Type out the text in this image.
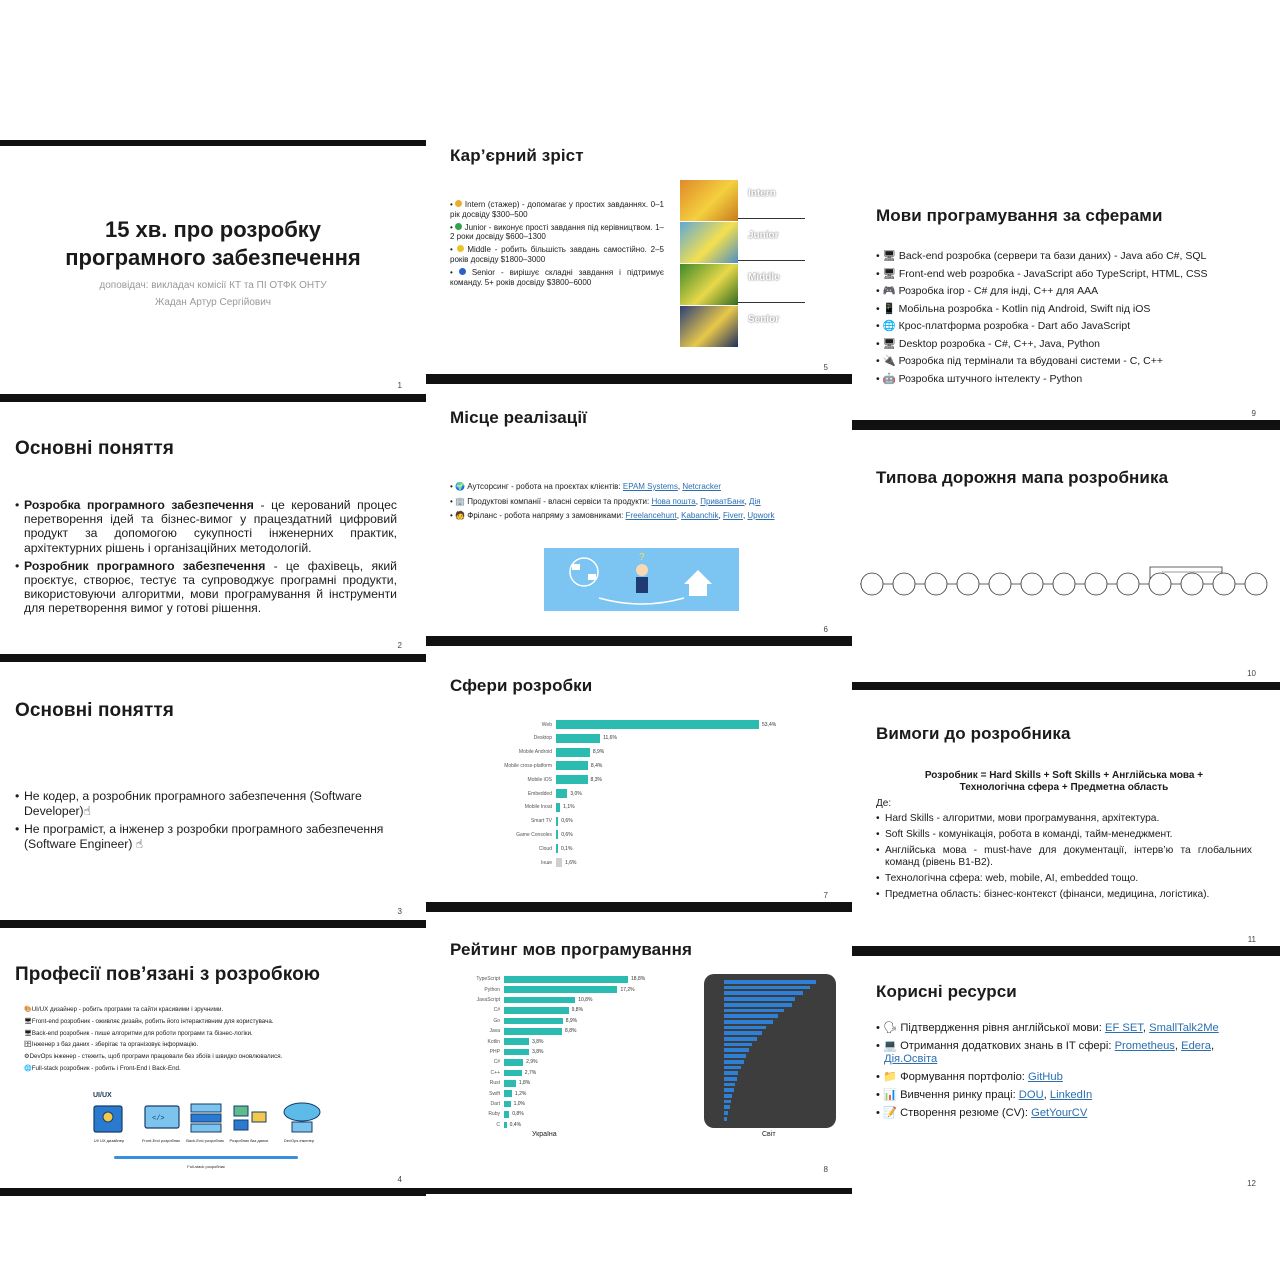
15 хв. про розробку
програмного забезпечення
доповідач: викладач комісії КТ та ПІ ОТФК ОНТУ
Жадан Артур Сергійович
1
Основні поняття
• Розробка програмного забезпечення - це керований процес перетворення ідей та бізнес-вимог у працездатний цифровий продукт за допомогою сукупності інженерних практик, архітектурних рішень і організаційних методологій.
• Розробник програмного забезпечення - це фахівець, який проєктує, створює, тестує та супроводжує програмні продукти, використовуючи алгоритми, мови програмування й інструменти для перетворення вимог у готові рішення.
2
Основні поняття
• Не кодер, а розробник програмного забезпечення (Software Developer)☝
• Не програміст, а інженер з розробки програмного забезпечення (Software Engineer) ☝
3
Професії пов’язані з розробкою
🎨UI/UX дизайнер - робить програми та сайти красивими і зручними.
🖥Front-end розробник - оживляє дизайн, робить його інтерактивним для користувача.
🖥Back-end розробник - пише алгоритми для роботи програми та бізнес-логіки.
🗄Інженер з баз даних - зберігає та організовує інформацію.
⚙DevOps інженер - стежить, щоб програми працювали без збоїв і швидко оновлювалися.
🌐Full-stack розробник - робить і Front-End і Back-End.
UI/UX
</>
UI/ UX дизайнер	Front-End розробник	Back-End розробник	Розробник баз даних	DevOps інженер
Full-stack розробник
4
Кар’єрний зріст
•  Intern (стажер) - допомагає у простих завданнях. 0–1 рік досвіду $300–500
•  Junior - виконує прості завдання під керівництвом. 1–2 роки досвіду $600–1300
•  Middle - робить більшість завдань самостійно. 2–5 років досвіду $1800–3000
•  Senior - вирішує складні завдання і підтримує команду. 5+ років досвіду $3800–6000
5
Intern
Junior
Middle
Senior
Місце реалізації
• 🌍 Аутсорсинг - робота на проєктах клієнтів: EPAM Systems, Netcracker
• 🏢 Продуктові компанії - власні сервіси та продукти: Нова пошта, ПриватБанк, Дія
• 🧑 Фріланс - робота напряму з замовниками: Freelancehunt, Kabanchik, Fiverr, Upwork
?
6
Сфери розробки
Web	53,4%
Desktop	11,6%
Mobile Android	8,9%
Mobile cross-platform	8,4%
Mobile iOS	8,3%
Embedded	3,0%
Mobile Inoat 1,1%
Smart TV 0,6%
Game Consoles 0,6%
Cloud 0,1%
Інше	1,6%
7
Рейтинг мов програмування
TypeScript	18,8%
Python	17,2%
JavaScript	10,8%
C#	9,8%
Go	8,9%
Java	8,8%
Kotlin	3,8%
PHP	3,8%
C#	2,9%
C++	2,7%
Rust	1,8%
Swift	1,2%
Dart	1,0%
Ruby 0,8%
C 0,4%
Україна	Світ
8
Мови програмування за сферами
• 🖥 Back-end розробка (сервери та бази даних) - Java або C#, SQL
• 🖥 Front-end web розробка - JavaScript або TypeScript, HTML, CSS
• 🎮 Розробка ігор - C# для інді, C++ для AAA
• 📱 Мобільна розробка - Kotlin під Android, Swift під iOS
• 🌐 Крос-платформа розробка - Dart або JavaScript
• 🖥 Desktop розробка - C#, C++, Java, Python
• 🔌 Розробка під термінали та вбудовані системи - C, C++
• 🤖 Розробка штучного інтелекту - Python
9
Типова дорожня мапа розробника
10
Вимоги до розробника
Розробник = Hard Skills + Soft Skills + Англійська мова +
Технологічна сфера + Предметна область
Де:
• Hard Skills - алгоритми, мови програмування, архітектура.
• Soft Skills - комунікація, робота в команді, тайм-менеджмент.
• Англійська мова - must-have для документації, інтерв’ю та глобальних команд (рівень B1-B2).
• Технологічна сфера: web, mobile, AI, embedded тощо.
• Предметна область: бізнес-контекст (фінанси, медицина, логістика).
11
Корисні ресурси
• 🗣 Підтвердження рівня англійської мови: EF SET, SmallTalk2Me
• 💻 Отримання додаткових знань в IT сфері: Prometheus, Edera,
Дія.Освіта
• 📁 Формування портфоліо: GitHub
• 📊 Вивчення ринку праці: DOU, LinkedIn
• 📝 Створення резюме (CV): GetYourCV
12
